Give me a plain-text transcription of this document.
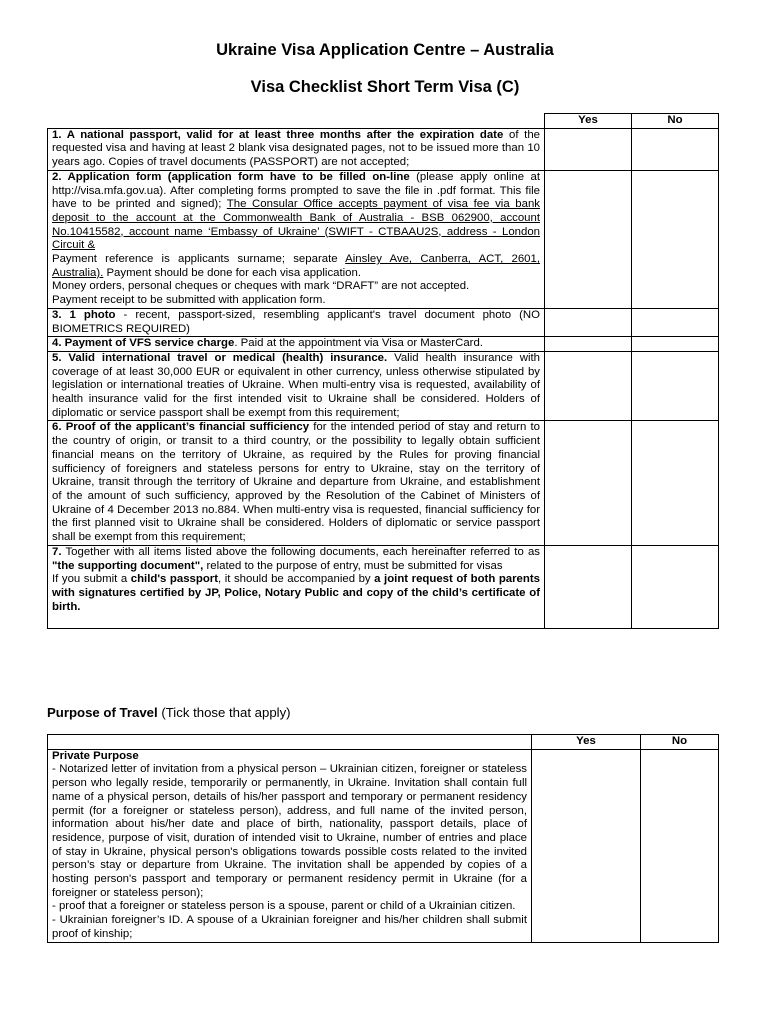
Ukraine Visa Application Centre – Australia
Visa Checklist Short Term Visa (C)
	Yes	No
1. A national passport, valid for at least three months after the expiration date of the requested visa and having at least 2 blank visa designated pages, not to be issued more than 10 years ago. Copies of travel documents (PASSPORT) are not accepted;		
2. Application form (application form have to be filled on-line (please apply online at http://visa.mfa.gov.ua). After completing forms prompted to save the file in .pdf format. This file have to be printed and signed); The Consular Office accepts payment of visa fee via bank deposit to the account at the Commonwealth Bank of Australia - BSB 062900, account No.10415582, account name ‘Embassy of Ukraine’ (SWIFT - CTBAAU2S, address - London Circuit &
Payment reference is applicants surname; separate Ainsley Ave, Canberra, ACT, 2601, Australia). Payment should be done for each visa application.
Money orders, personal cheques or cheques with mark “DRAFT” are not accepted.
Payment receipt to be submitted with application form.		
3. 1 photo - recent, passport-sized, resembling applicant's travel document photo (NO BIOMETRICS REQUIRED)		
4. Payment of VFS service charge. Paid at the appointment via Visa or MasterCard.		
5. Valid international travel or medical (health) insurance. Valid health insurance with coverage of at least 30,000 EUR or equivalent in other currency, unless otherwise stipulated by legislation or international treaties of Ukraine. When multi-entry visa is requested, availability of health insurance valid for the first intended visit to Ukraine shall be considered. Holders of diplomatic or service passport shall be exempt from this requirement;		
6. Proof of the applicant’s financial sufficiency for the intended period of stay and return to the country of origin, or transit to a third country, or the possibility to legally obtain sufficient financial means on the territory of Ukraine, as required by the Rules for proving financial sufficiency of foreigners and stateless persons for entry to Ukraine, stay on the territory of Ukraine, transit through the territory of Ukraine and departure from Ukraine, and establishment of the amount of such sufficiency, approved by the Resolution of the Cabinet of Ministers of Ukraine of 4 December 2013 no.884. When multi-entry visa is requested, financial sufficiency for the first planned visit to Ukraine shall be considered. Holders of diplomatic or service passport shall be exempt from this requirement;		
7. Together with all items listed above the following documents, each hereinafter referred to as "the supporting document", related to the purpose of entry, must be submitted for visas
If you submit a child's passport, it should be accompanied by a joint request of both parents with signatures certified by JP, Police, Notary Public and copy of the child’s certificate of birth.		

Purpose of Travel (Tick those that apply)

	Yes	No
Private Purpose
- Notarized letter of invitation from a physical person – Ukrainian citizen, foreigner or stateless person who legally reside, temporarily or permanently, in Ukraine. Invitation shall contain full name of a physical person, details of his/her passport and temporary or permanent residency permit (for a foreigner or stateless person), address, and full name of the invited person, information about his/her date and place of birth, nationality, passport details, place of residence, purpose of visit, duration of intended visit to Ukraine, number of entries and place of stay in Ukraine, physical person's obligations towards possible costs related to the invited person’s stay or departure from Ukraine. The invitation shall be appended by copies of a hosting person's passport and temporary or permanent residency permit in Ukraine (for a foreigner or stateless person);
- proof that a foreigner or stateless person is a spouse, parent or child of a Ukrainian citizen.
- Ukrainian foreigner’s ID. A spouse of a Ukrainian foreigner and his/her children shall submit proof of kinship;		
